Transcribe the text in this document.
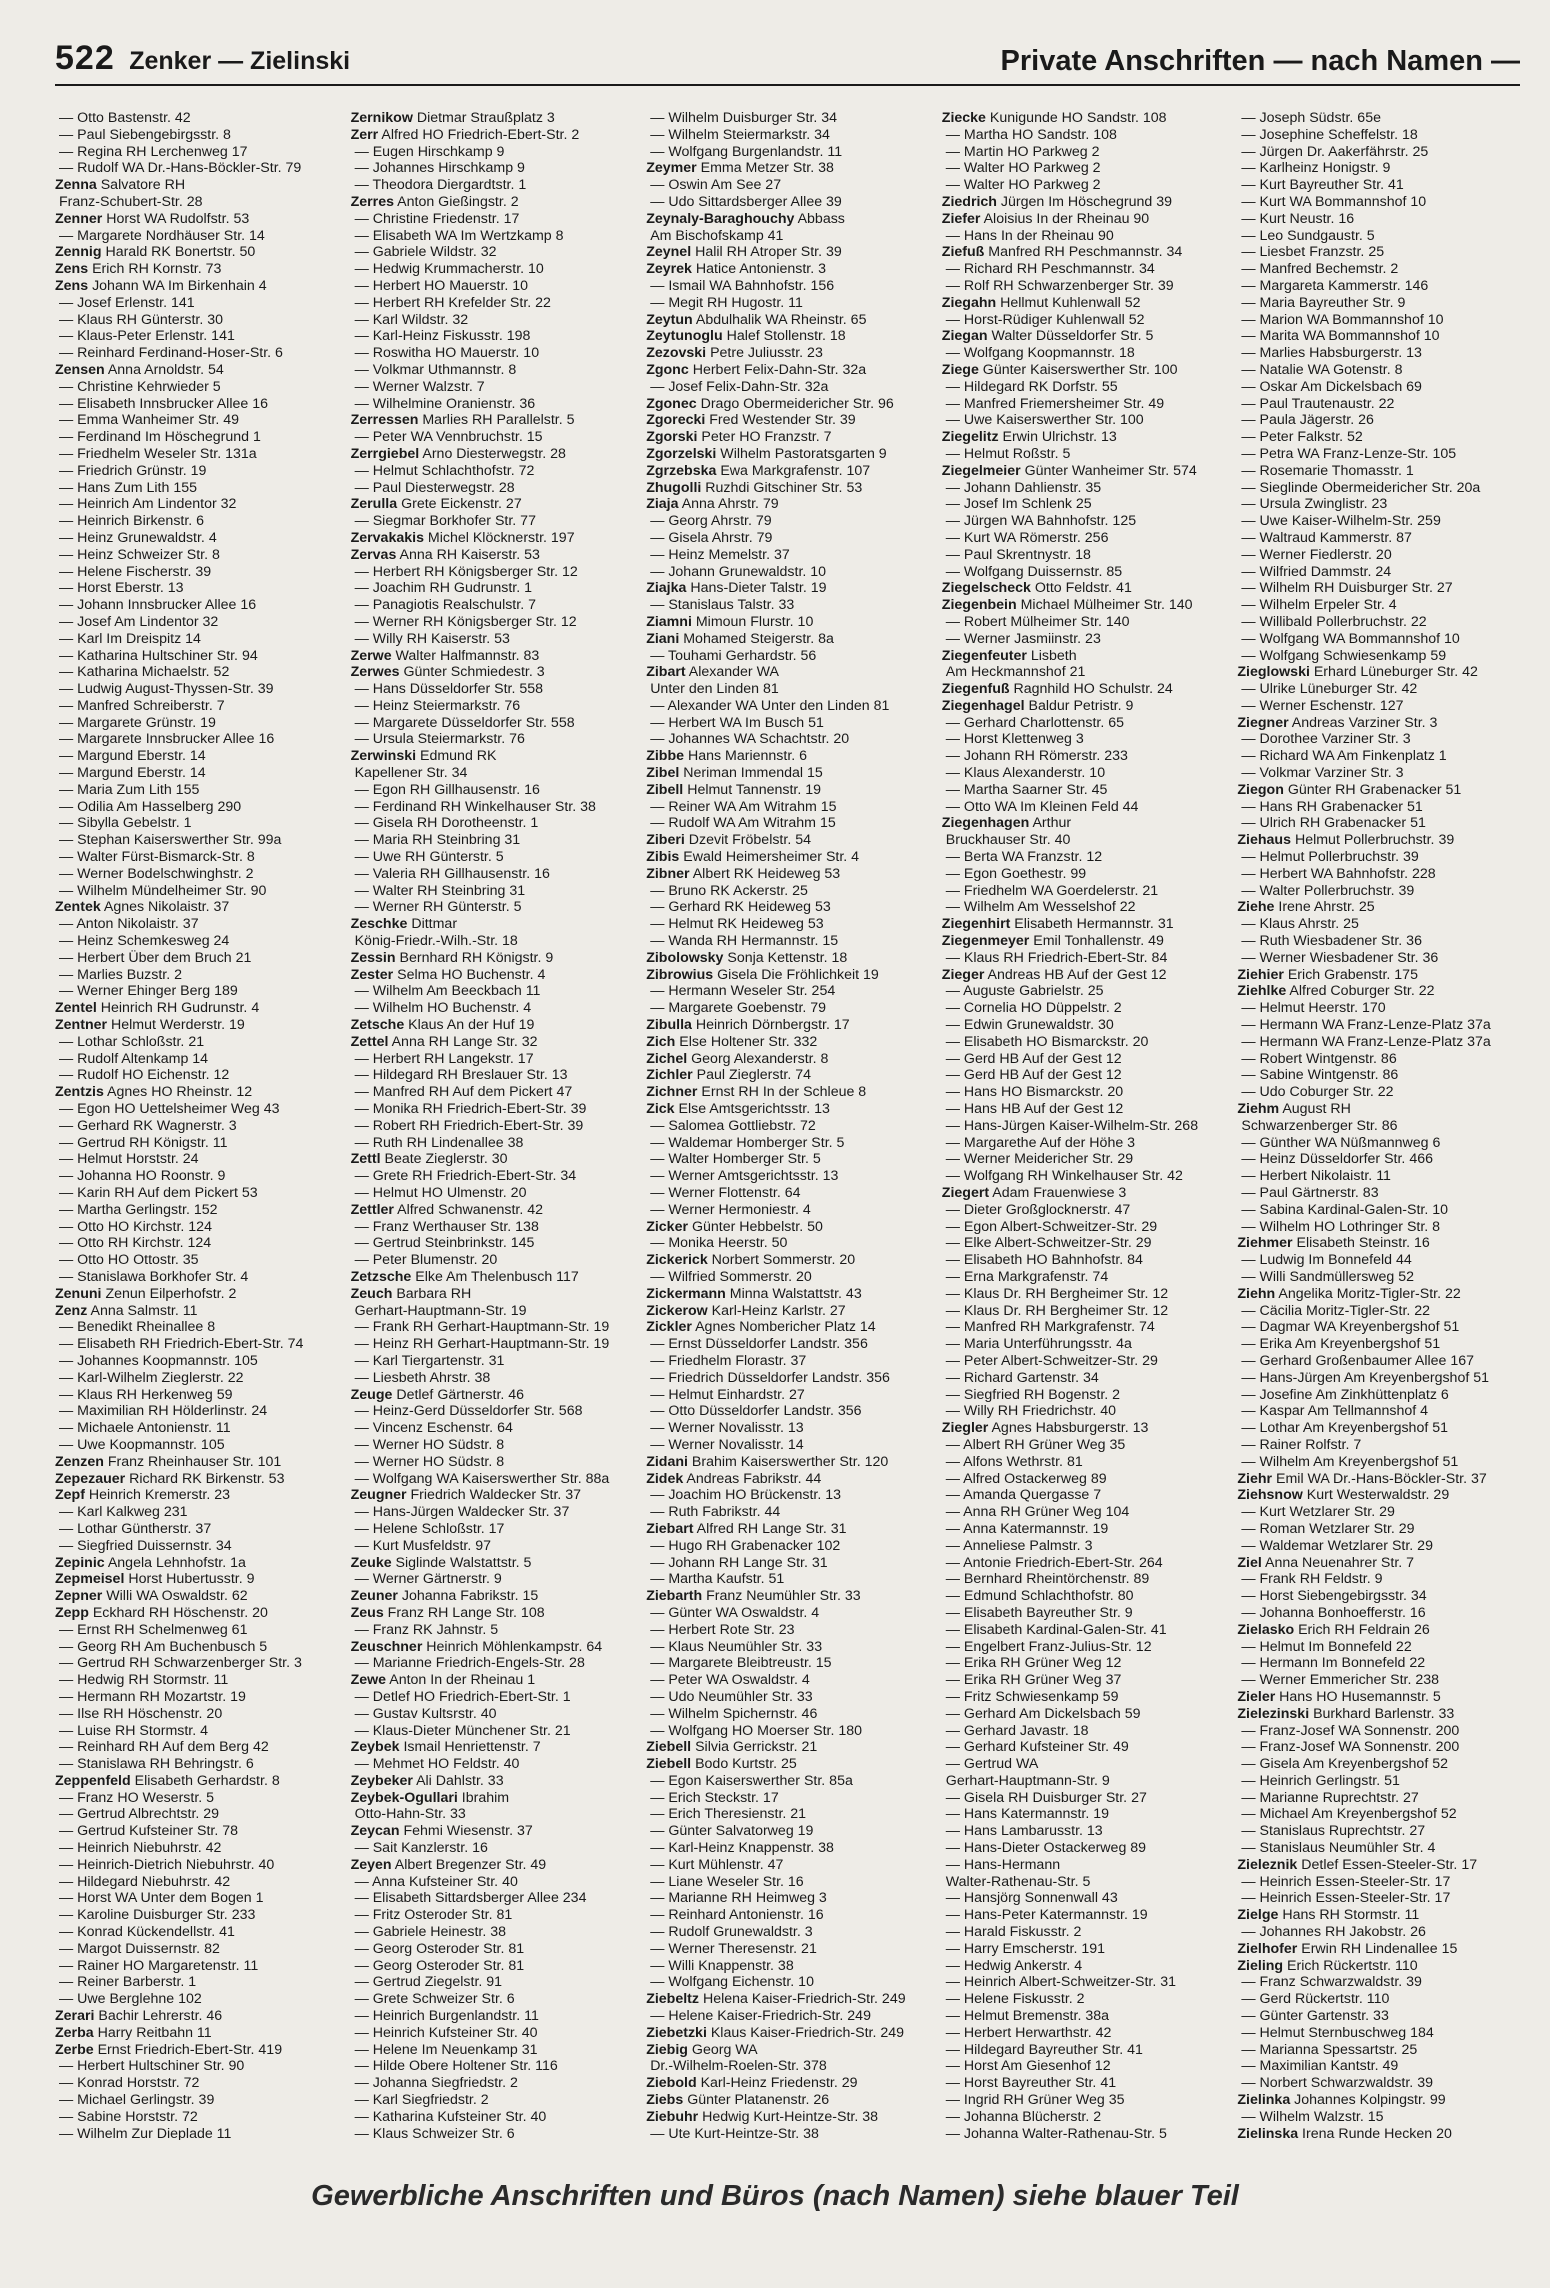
522 Zenker — Zielinski	Private Anschriften — nach Namen —
— Otto Bastenstr. 42
— Paul Siebengebirgsstr. 8
— Regina RH Lerchenweg 17
— Rudolf WA Dr.-Hans-Böckler-Str. 79
Zenna Salvatore RH
Franz-Schubert-Str. 28
Zenner Horst WA Rudolfstr. 53
— Margarete Nordhäuser Str. 14
Zennig Harald RK Bonertstr. 50
Zens Erich RH Kornstr. 73
Zens Johann WA Im Birkenhain 4
— Josef Erlenstr. 141
— Klaus RH Günterstr. 30
— Klaus-Peter Erlenstr. 141
— Reinhard Ferdinand-Hoser-Str. 6
Zensen Anna Arnoldstr. 54
— Christine Kehrwieder 5
— Elisabeth Innsbrucker Allee 16
— Emma Wanheimer Str. 49
— Ferdinand Im Höschegrund 1
— Friedhelm Weseler Str. 131a
— Friedrich Grünstr. 19
— Hans Zum Lith 155
— Heinrich Am Lindentor 32
— Heinrich Birkenstr. 6
— Heinz Grunewaldstr. 4
— Heinz Schweizer Str. 8
— Helene Fischerstr. 39
— Horst Eberstr. 13
— Johann Innsbrucker Allee 16
— Josef Am Lindentor 32
— Karl Im Dreispitz 14
— Katharina Hultschiner Str. 94
— Katharina Michaelstr. 52
— Ludwig August-Thyssen-Str. 39
— Manfred Schreiberstr. 7
— Margarete Grünstr. 19
— Margarete Innsbrucker Allee 16
— Margund Eberstr. 14
— Margund Eberstr. 14
— Maria Zum Lith 155
— Odilia Am Hasselberg 290
— Sibylla Gebelstr. 1
— Stephan Kaiserswerther Str. 99a
— Walter Fürst-Bismarck-Str. 8
— Werner Bodelschwinghstr. 2
— Wilhelm Mündelheimer Str. 90
Zentek Agnes Nikolaistr. 37
— Anton Nikolaistr. 37
— Heinz Schemkesweg 24
— Herbert Über dem Bruch 21
— Marlies Buzstr. 2
— Werner Ehinger Berg 189
Zentel Heinrich RH Gudrunstr. 4
Zentner Helmut Werderstr. 19
— Lothar Schloßstr. 21
— Rudolf Altenkamp 14
— Rudolf HO Eichenstr. 12
Zentzis Agnes HO Rheinstr. 12
— Egon HO Uettelsheimer Weg 43
— Gerhard RK Wagnerstr. 3
— Gertrud RH Königstr. 11
— Helmut Horststr. 24
— Johanna HO Roonstr. 9
— Karin RH Auf dem Pickert 53
— Martha Gerlingstr. 152
— Otto HO Kirchstr. 124
— Otto RH Kirchstr. 124
— Otto HO Ottostr. 35
— Stanislawa Borkhofer Str. 4
Zenuni Zenun Eilperhofstr. 2
Zenz Anna Salmstr. 11
— Benedikt Rheinallee 8
— Elisabeth RH Friedrich-Ebert-Str. 74
— Johannes Koopmannstr. 105
— Karl-Wilhelm Zieglerstr. 22
— Klaus RH Herkenweg 59
— Maximilian RH Hölderlinstr. 24
— Michaele Antonienstr. 11
— Uwe Koopmannstr. 105
Zenzen Franz Rheinhauser Str. 101
Zepezauer Richard RK Birkenstr. 53
Zepf Heinrich Kremerstr. 23
— Karl Kalkweg 231
— Lothar Güntherstr. 37
— Siegfried Duissernstr. 34
Zepinic Angela Lehnhofstr. 1a
Zepmeisel Horst Hubertusstr. 9
Zepner Willi WA Oswaldstr. 62
Zepp Eckhard RH Höschenstr. 20
— Ernst RH Schelmenweg 61
— Georg RH Am Buchenbusch 5
— Gertrud RH Schwarzenberger Str. 3
— Hedwig RH Stormstr. 11
— Hermann RH Mozartstr. 19
— Ilse RH Höschenstr. 20
— Luise RH Stormstr. 4
— Reinhard RH Auf dem Berg 42
— Stanislawa RH Behringstr. 6
Zeppenfeld Elisabeth Gerhardstr. 8
— Franz HO Weserstr. 5
— Gertrud Albrechtstr. 29
— Gertrud Kufsteiner Str. 78
— Heinrich Niebuhrstr. 42
— Heinrich-Dietrich Niebuhrstr. 40
— Hildegard Niebuhrstr. 42
— Horst WA Unter dem Bogen 1
— Karoline Duisburger Str. 233
— Konrad Kückendellstr. 41
— Margot Duissernstr. 82
— Rainer HO Margaretenstr. 11
— Reiner Barberstr. 1
— Uwe Berglehne 102
Zerari Bachir Lehrerstr. 46
Zerba Harry Reitbahn 11
Zerbe Ernst Friedrich-Ebert-Str. 419
— Herbert Hultschiner Str. 90
— Konrad Horststr. 72
— Michael Gerlingstr. 39
— Sabine Horststr. 72
— Wilhelm Zur Dieplade 11
Zernikow Dietmar Straußplatz 3
Zerr Alfred HO Friedrich-Ebert-Str. 2
— Eugen Hirschkamp 9
— Johannes Hirschkamp 9
— Theodora Diergardtstr. 1
Zerres Anton Gießingstr. 2
— Christine Friedenstr. 17
— Elisabeth WA Im Wertzkamp 8
— Gabriele Wildstr. 32
— Hedwig Krummacherstr. 10
— Herbert HO Mauerstr. 10
— Herbert RH Krefelder Str. 22
— Karl Wildstr. 32
— Karl-Heinz Fiskusstr. 198
— Roswitha HO Mauerstr. 10
— Volkmar Uthmannstr. 8
— Werner Walzstr. 7
— Wilhelmine Oranienstr. 36
Zerressen Marlies RH Parallelstr. 5
— Peter WA Vennbruchstr. 15
Zerrgiebel Arno Diesterwegstr. 28
— Helmut Schlachthofstr. 72
— Paul Diesterwegstr. 28
Zerulla Grete Eickenstr. 27
— Siegmar Borkhofer Str. 77
Zervakakis Michel Klöcknerstr. 197
Zervas Anna RH Kaiserstr. 53
— Herbert RH Königsberger Str. 12
— Joachim RH Gudrunstr. 1
— Panagiotis Realschulstr. 7
— Werner RH Königsberger Str. 12
— Willy RH Kaiserstr. 53
Zerwe Walter Halfmannstr. 83
Zerwes Günter Schmiedestr. 3
— Hans Düsseldorfer Str. 558
— Heinz Steiermarkstr. 76
— Margarete Düsseldorfer Str. 558
— Ursula Steiermarkstr. 76
Zerwinski Edmund RK
Kapellener Str. 34
— Egon RH Gillhausenstr. 16
— Ferdinand RH Winkelhauser Str. 38
— Gisela RH Dorotheenstr. 1
— Maria RH Steinbring 31
— Uwe RH Günterstr. 5
— Valeria RH Gillhausenstr. 16
— Walter RH Steinbring 31
— Werner RH Günterstr. 5
Zeschke Dittmar
König-Friedr.-Wilh.-Str. 18
Zessin Bernhard RH Königstr. 9
Zester Selma HO Buchenstr. 4
— Wilhelm Am Beeckbach 11
— Wilhelm HO Buchenstr. 4
Zetsche Klaus An der Huf 19
Zettel Anna RH Lange Str. 32
— Herbert RH Langekstr. 17
— Hildegard RH Breslauer Str. 13
— Manfred RH Auf dem Pickert 47
— Monika RH Friedrich-Ebert-Str. 39
— Robert RH Friedrich-Ebert-Str. 39
— Ruth RH Lindenallee 38
Zettl Beate Zieglerstr. 30
— Grete RH Friedrich-Ebert-Str. 34
— Helmut HO Ulmenstr. 20
Zettler Alfred Schwanenstr. 42
— Franz Werthauser Str. 138
— Gertrud Steinbrinkstr. 145
— Peter Blumenstr. 20
Zetzsche Elke Am Thelenbusch 117
Zeuch Barbara RH
Gerhart-Hauptmann-Str. 19
— Frank RH Gerhart-Hauptmann-Str. 19
— Heinz RH Gerhart-Hauptmann-Str. 19
— Karl Tiergartenstr. 31
— Liesbeth Ahrstr. 38
Zeuge Detlef Gärtnerstr. 46
— Heinz-Gerd Düsseldorfer Str. 568
— Vincenz Eschenstr. 64
— Werner HO Südstr. 8
— Werner HO Südstr. 8
— Wolfgang WA Kaiserswerther Str. 88a
Zeugner Friedrich Waldecker Str. 37
— Hans-Jürgen Waldecker Str. 37
— Helene Schloßstr. 17
— Kurt Musfeldstr. 97
Zeuke Siglinde Walstattstr. 5
— Werner Gärtnerstr. 9
Zeuner Johanna Fabrikstr. 15
Zeus Franz RH Lange Str. 108
— Franz RK Jahnstr. 5
Zeuschner Heinrich Möhlenkampstr. 64
— Marianne Friedrich-Engels-Str. 28
Zewe Anton In der Rheinau 1
— Detlef HO Friedrich-Ebert-Str. 1
— Gustav Kultsrstr. 40
— Klaus-Dieter Münchener Str. 21
Zeybek Ismail Henriettenstr. 7
— Mehmet HO Feldstr. 40
Zeybeker Ali Dahlstr. 33
Zeybek-Ogullari Ibrahim
Otto-Hahn-Str. 33
Zeycan Fehmi Wiesenstr. 37
— Sait Kanzlerstr. 16
Zeyen Albert Bregenzer Str. 49
— Anna Kufsteiner Str. 40
— Elisabeth Sittardsberger Allee 234
— Fritz Osteroder Str. 81
— Gabriele Heinestr. 38
— Georg Osteroder Str. 81
— Georg Osteroder Str. 81
— Gertrud Ziegelstr. 91
— Grete Schweizer Str. 6
— Heinrich Burgenlandstr. 11
— Heinrich Kufsteiner Str. 40
— Helene Im Neuenkamp 31
— Hilde Obere Holtener Str. 116
— Johanna Siegfriedstr. 2
— Karl Siegfriedstr. 2
— Katharina Kufsteiner Str. 40
— Klaus Schweizer Str. 6
— Wilhelm Duisburger Str. 34
— Wilhelm Steiermarkstr. 34
— Wolfgang Burgenlandstr. 11
Zeymer Emma Metzer Str. 38
— Oswin Am See 27
— Udo Sittardsberger Allee 39
Zeynaly-Baraghouchy Abbass
Am Bischofskamp 41
Zeynel Halil RH Atroper Str. 39
Zeyrek Hatice Antonienstr. 3
— Ismail WA Bahnhofstr. 156
— Megit RH Hugostr. 11
Zeytun Abdulhalik WA Rheinstr. 65
Zeytunoglu Halef Stollenstr. 18
Zezovski Petre Juliusstr. 23
Zgonc Herbert Felix-Dahn-Str. 32a
— Josef Felix-Dahn-Str. 32a
Zgonec Drago Obermeidericher Str. 96
Zgorecki Fred Westender Str. 39
Zgorski Peter HO Franzstr. 7
Zgorzelski Wilhelm Pastoratsgarten 9
Zgrzebska Ewa Markgrafenstr. 107
Zhugolli Ruzhdi Gitschiner Str. 53
Ziaja Anna Ahrstr. 79
— Georg Ahrstr. 79
— Gisela Ahrstr. 79
— Heinz Memelstr. 37
— Johann Grunewaldstr. 10
Ziajka Hans-Dieter Talstr. 19
— Stanislaus Talstr. 33
Ziamni Mimoun Flurstr. 10
Ziani Mohamed Steigerstr. 8a
— Touhami Gerhardstr. 56
Zibart Alexander WA
Unter den Linden 81
— Alexander WA Unter den Linden 81
— Herbert WA Im Busch 51
— Johannes WA Schachtstr. 20
Zibbe Hans Mariennstr. 6
Zibel Neriman Immendal 15
Zibell Helmut Tannenstr. 19
— Reiner WA Am Witrahm 15
— Rudolf WA Am Witrahm 15
Ziberi Dzevit Fröbelstr. 54
Zibis Ewald Heimersheimer Str. 4
Zibner Albert RK Heideweg 53
— Bruno RK Ackerstr. 25
— Gerhard RK Heideweg 53
— Helmut RK Heideweg 53
— Wanda RH Hermannstr. 15
Zibolowsky Sonja Kettenstr. 18
Zibrowius Gisela Die Fröhlichkeit 19
— Hermann Weseler Str. 254
— Margarete Goebenstr. 79
Zibulla Heinrich Dörnbergstr. 17
Zich Else Holtener Str. 332
Zichel Georg Alexanderstr. 8
Zichler Paul Zieglerstr. 74
Zichner Ernst RH In der Schleue 8
Zick Else Amtsgerichtsstr. 13
— Salomea Gottliebstr. 72
— Waldemar Homberger Str. 5
— Walter Homberger Str. 5
— Werner Amtsgerichtsstr. 13
— Werner Flottenstr. 64
— Werner Hermoniestr. 4
Zicker Günter Hebbelstr. 50
— Monika Heerstr. 50
Zickerick Norbert Sommerstr. 20
— Wilfried Sommerstr. 20
Zickermann Minna Walstattstr. 43
Zickerow Karl-Heinz Karlstr. 27
Zickler Agnes Nombericher Platz 14
— Ernst Düsseldorfer Landstr. 356
— Friedhelm Florastr. 37
— Friedrich Düsseldorfer Landstr. 356
— Helmut Einhardstr. 27
— Otto Düsseldorfer Landstr. 356
— Werner Novalisstr. 13
— Werner Novalisstr. 14
Zidani Brahim Kaiserswerther Str. 120
Zidek Andreas Fabrikstr. 44
— Joachim HO Brückenstr. 13
— Ruth Fabrikstr. 44
Ziebart Alfred RH Lange Str. 31
— Hugo RH Grabenacker 102
— Johann RH Lange Str. 31
— Martha Kaufstr. 51
Ziebarth Franz Neumühler Str. 33
— Günter WA Oswaldstr. 4
— Herbert Rote Str. 23
— Klaus Neumühler Str. 33
— Margarete Bleibtreustr. 15
— Peter WA Oswaldstr. 4
— Udo Neumühler Str. 33
— Wilhelm Spichernstr. 46
— Wolfgang HO Moerser Str. 180
Ziebell Silvia Gerrickstr. 21
Ziebell Bodo Kurtstr. 25
— Egon Kaiserswerther Str. 85a
— Erich Steckstr. 17
— Erich Theresienstr. 21
— Günter Salvatorweg 19
— Karl-Heinz Knappenstr. 38
— Kurt Mühlenstr. 47
— Liane Weseler Str. 16
— Marianne RH Heimweg 3
— Reinhard Antonienstr. 16
— Rudolf Grunewaldstr. 3
— Werner Theresenstr. 21
— Willi Knappenstr. 38
— Wolfgang Eichenstr. 10
Ziebeltz Helena Kaiser-Friedrich-Str. 249
— Helene Kaiser-Friedrich-Str. 249
Ziebetzki Klaus Kaiser-Friedrich-Str. 249
Ziebig Georg WA
Dr.-Wilhelm-Roelen-Str. 378
Ziebold Karl-Heinz Friedenstr. 29
Ziebs Günter Platanenstr. 26
Ziebuhr Hedwig Kurt-Heintze-Str. 38
— Ute Kurt-Heintze-Str. 38
Ziecke Kunigunde HO Sandstr. 108
— Martha HO Sandstr. 108
— Martin HO Parkweg 2
— Walter HO Parkweg 2
— Walter HO Parkweg 2
Ziedrich Jürgen Im Höschegrund 39
Ziefer Aloisius In der Rheinau 90
— Hans In der Rheinau 90
Ziefuß Manfred RH Peschmannstr. 34
— Richard RH Peschmannstr. 34
— Rolf RH Schwarzenberger Str. 39
Ziegahn Hellmut Kuhlenwall 52
— Horst-Rüdiger Kuhlenwall 52
Ziegan Walter Düsseldorfer Str. 5
— Wolfgang Koopmannstr. 18
Ziege Günter Kaiserswerther Str. 100
— Hildegard RK Dorfstr. 55
— Manfred Friemersheimer Str. 49
— Uwe Kaiserswerther Str. 100
Ziegelitz Erwin Ulrichstr. 13
— Helmut Roßstr. 5
Ziegelmeier Günter Wanheimer Str. 574
— Johann Dahlienstr. 35
— Josef Im Schlenk 25
— Jürgen WA Bahnhofstr. 125
— Kurt WA Römerstr. 256
— Paul Skrentnystr. 18
— Wolfgang Duissernstr. 85
Ziegelscheck Otto Feldstr. 41
Ziegenbein Michael Mülheimer Str. 140
— Robert Mülheimer Str. 140
— Werner Jasmiinstr. 23
Ziegenfeuter Lisbeth
Am Heckmannshof 21
Ziegenfuß Ragnhild HO Schulstr. 24
Ziegenhagel Baldur Petristr. 9
— Gerhard Charlottenstr. 65
— Horst Klettenweg 3
— Johann RH Römerstr. 233
— Klaus Alexanderstr. 10
— Martha Saarner Str. 45
— Otto WA Im Kleinen Feld 44
Ziegenhagen Arthur
Bruckhauser Str. 40
— Berta WA Franzstr. 12
— Egon Goethestr. 99
— Friedhelm WA Goerdelerstr. 21
— Wilhelm Am Wesselshof 22
Ziegenhirt Elisabeth Hermannstr. 31
Ziegenmeyer Emil Tonhallenstr. 49
— Klaus RH Friedrich-Ebert-Str. 84
Zieger Andreas HB Auf der Gest 12
— Auguste Gabrielstr. 25
— Cornelia HO Düppelstr. 2
— Edwin Grunewaldstr. 30
— Elisabeth HO Bismarckstr. 20
— Gerd HB Auf der Gest 12
— Gerd HB Auf der Gest 12
— Hans HO Bismarckstr. 20
— Hans HB Auf der Gest 12
— Hans-Jürgen Kaiser-Wilhelm-Str. 268
— Margarethe Auf der Höhe 3
— Werner Meidericher Str. 29
— Wolfgang RH Winkelhauser Str. 42
Ziegert Adam Frauenwiese 3
— Dieter Großglocknerstr. 47
— Egon Albert-Schweitzer-Str. 29
— Elke Albert-Schweitzer-Str. 29
— Elisabeth HO Bahnhofstr. 84
— Erna Markgrafenstr. 74
— Klaus Dr. RH Bergheimer Str. 12
— Klaus Dr. RH Bergheimer Str. 12
— Manfred RH Markgrafenstr. 74
— Maria Unterführungsstr. 4a
— Peter Albert-Schweitzer-Str. 29
— Richard Gartenstr. 34
— Siegfried RH Bogenstr. 2
— Willy RH Friedrichstr. 40
Ziegler Agnes Habsburgerstr. 13
— Albert RH Grüner Weg 35
— Alfons Wethrstr. 81
— Alfred Ostackerweg 89
— Amanda Quergasse 7
— Anna RH Grüner Weg 104
— Anna Katermannstr. 19
— Anneliese Palmstr. 3
— Antonie Friedrich-Ebert-Str. 264
— Bernhard Rheintörchenstr. 89
— Edmund Schlachthofstr. 80
— Elisabeth Bayreuther Str. 9
— Elisabeth Kardinal-Galen-Str. 41
— Engelbert Franz-Julius-Str. 12
— Erika RH Grüner Weg 12
— Erika RH Grüner Weg 37
— Fritz Schwiesenkamp 59
— Gerhard Am Dickelsbach 59
— Gerhard Javastr. 18
— Gerhard Kufsteiner Str. 49
— Gertrud WA
Gerhart-Hauptmann-Str. 9
— Gisela RH Duisburger Str. 27
— Hans Katermannstr. 19
— Hans Lambarusstr. 13
— Hans-Dieter Ostackerweg 89
— Hans-Hermann
Walter-Rathenau-Str. 5
— Hansjörg Sonnenwall 43
— Hans-Peter Katermannstr. 19
— Harald Fiskusstr. 2
— Harry Emscherstr. 191
— Hedwig Ankerstr. 4
— Heinrich Albert-Schweitzer-Str. 31
— Helene Fiskusstr. 2
— Helmut Bremenstr. 38a
— Herbert Herwarthstr. 42
— Hildegard Bayreuther Str. 41
— Horst Am Giesenhof 12
— Horst Bayreuther Str. 41
— Ingrid RH Grüner Weg 35
— Johanna Blücherstr. 2
— Johanna Walter-Rathenau-Str. 5
— Joseph Südstr. 65e
— Josephine Scheffelstr. 18
— Jürgen Dr. Aakerfährstr. 25
— Karlheinz Honigstr. 9
— Kurt Bayreuther Str. 41
— Kurt WA Bommannshof 10
— Kurt Neustr. 16
— Leo Sundgaustr. 5
— Liesbet Franzstr. 25
— Manfred Bechemstr. 2
— Margareta Kammerstr. 146
— Maria Bayreuther Str. 9
— Marion WA Bommannshof 10
— Marita WA Bommannshof 10
— Marlies Habsburgerstr. 13
— Natalie WA Gotenstr. 8
— Oskar Am Dickelsbach 69
— Paul Trautenaustr. 22
— Paula Jägerstr. 26
— Peter Falkstr. 52
— Petra WA Franz-Lenze-Str. 105
— Rosemarie Thomasstr. 1
— Sieglinde Obermeidericher Str. 20a
— Ursula Zwinglistr. 23
— Uwe Kaiser-Wilhelm-Str. 259
— Waltraud Kammerstr. 87
— Werner Fiedlerstr. 20
— Wilfried Dammstr. 24
— Wilhelm RH Duisburger Str. 27
— Wilhelm Erpeler Str. 4
— Willibald Pollerbruchstr. 22
— Wolfgang WA Bommannshof 10
— Wolfgang Schwiesenkamp 59
Zieglowski Erhard Lüneburger Str. 42
— Ulrike Lüneburger Str. 42
— Werner Eschenstr. 127
Ziegner Andreas Varziner Str. 3
— Dorothee Varziner Str. 3
— Richard WA Am Finkenplatz 1
— Volkmar Varziner Str. 3
Ziegon Günter RH Grabenacker 51
— Hans RH Grabenacker 51
— Ulrich RH Grabenacker 51
Ziehaus Helmut Pollerbruchstr. 39
— Helmut Pollerbruchstr. 39
— Herbert WA Bahnhofstr. 228
— Walter Pollerbruchstr. 39
Ziehe Irene Ahrstr. 25
— Klaus Ahrstr. 25
— Ruth Wiesbadener Str. 36
— Werner Wiesbadener Str. 36
Ziehier Erich Grabenstr. 175
Ziehlke Alfred Coburger Str. 22
— Helmut Heerstr. 170
— Hermann WA Franz-Lenze-Platz 37a
— Hermann WA Franz-Lenze-Platz 37a
— Robert Wintgenstr. 86
— Sabine Wintgenstr. 86
— Udo Coburger Str. 22
Ziehm August RH
Schwarzenberger Str. 86
— Günther WA Nüßmannweg 6
— Heinz Düsseldorfer Str. 466
— Herbert Nikolaistr. 11
— Paul Gärtnerstr. 83
— Sabina Kardinal-Galen-Str. 10
— Wilhelm HO Lothringer Str. 8
Ziehmer Elisabeth Steinstr. 16
— Ludwig Im Bonnefeld 44
— Willi Sandmüllersweg 52
Ziehn Angelika Moritz-Tigler-Str. 22
— Cäcilia Moritz-Tigler-Str. 22
— Dagmar WA Kreyenbergshof 51
— Erika Am Kreyenbergshof 51
— Gerhard Großenbaumer Allee 167
— Hans-Jürgen Am Kreyenbergshof 51
— Josefine Am Zinkhüttenplatz 6
— Kaspar Am Tellmannshof 4
— Lothar Am Kreyenbergshof 51
— Rainer Rolfstr. 7
— Wilhelm Am Kreyenbergshof 51
Ziehr Emil WA Dr.-Hans-Böckler-Str. 37
Ziehsnow Kurt Westerwaldstr. 29
— Kurt Wetzlarer Str. 29
— Roman Wetzlarer Str. 29
— Waldemar Wetzlarer Str. 29
Ziel Anna Neuenahrer Str. 7
— Frank RH Feldstr. 9
— Horst Siebengebirgsstr. 34
— Johanna Bonhoefferstr. 16
Zielasko Erich RH Feldrain 26
— Helmut Im Bonnefeld 22
— Hermann Im Bonnefeld 22
— Werner Emmericher Str. 238
Zieler Hans HO Husemannstr. 5
Zielezinski Burkhard Barlenstr. 33
— Franz-Josef WA Sonnenstr. 200
— Franz-Josef WA Sonnenstr. 200
— Gisela Am Kreyenbergshof 52
— Heinrich Gerlingstr. 51
— Marianne Ruprechtstr. 27
— Michael Am Kreyenbergshof 52
— Stanislaus Ruprechtstr. 27
— Stanislaus Neumühler Str. 4
Zieleznik Detlef Essen-Steeler-Str. 17
— Heinrich Essen-Steeler-Str. 17
— Heinrich Essen-Steeler-Str. 17
Zielge Hans RH Stormstr. 11
— Johannes RH Jakobstr. 26
Zielhofer Erwin RH Lindenallee 15
Zieling Erich Rückertstr. 110
— Franz Schwarzwaldstr. 39
— Gerd Rückertstr. 110
— Günter Gartenstr. 33
— Helmut Sternbuschweg 184
— Marianna Spessartstr. 25
— Maximilian Kantstr. 49
— Norbert Schwarzwaldstr. 39
Zielinka Johannes Kolpingstr. 99
— Wilhelm Walzstr. 15
Zielinska Irena Runde Hecken 20
Gewerbliche Anschriften und Büros (nach Namen) siehe blauer Teil
